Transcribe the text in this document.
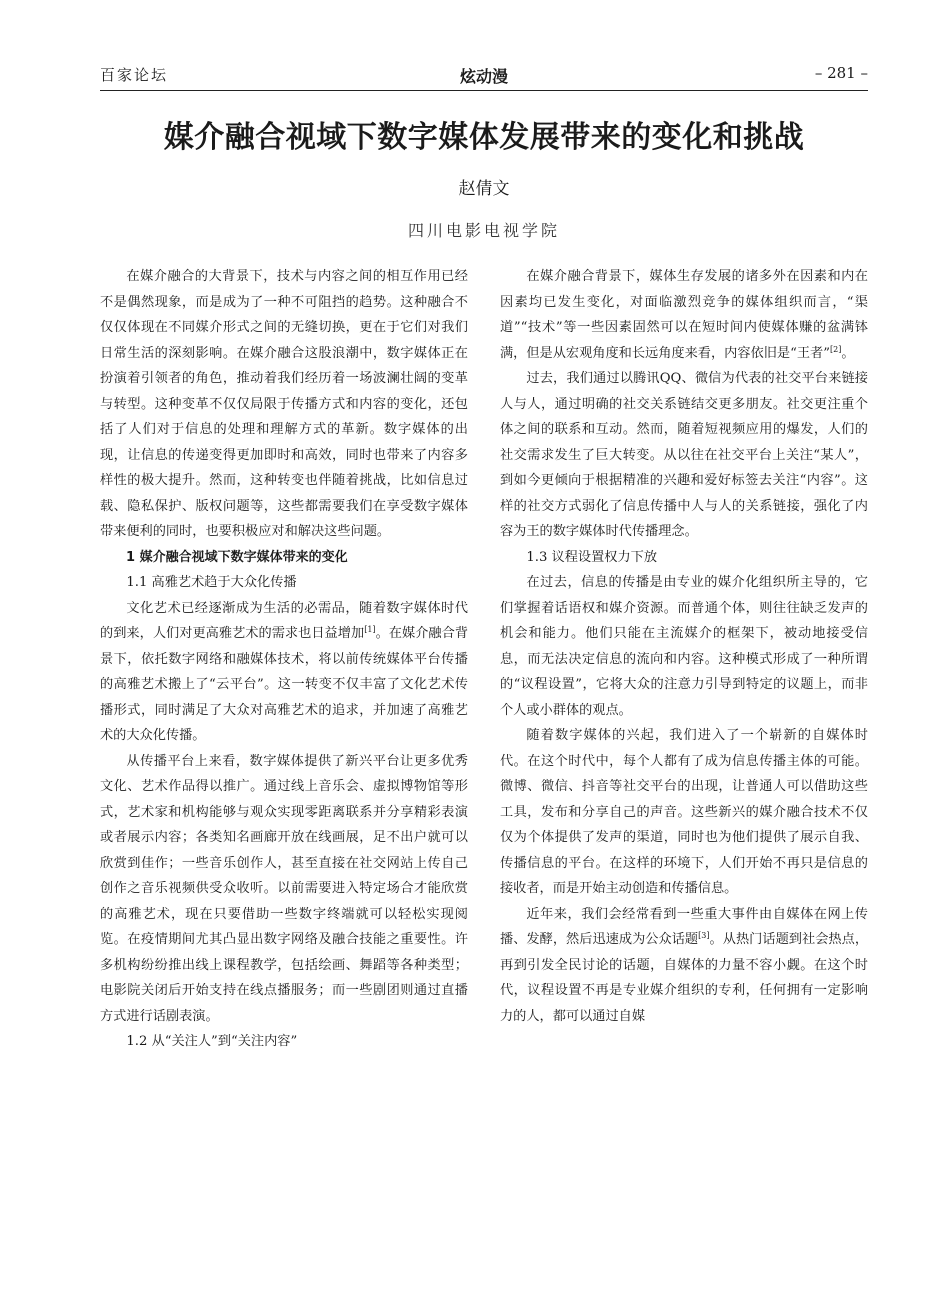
百家论坛	炫动漫	– 281 –
媒介融合视域下数字媒体发展带来的变化和挑战
赵倩文
四川电影电视学院

在媒介融合的大背景下，技术与内容之间的相互作用已经不是偶然现象，而是成为了一种不可阻挡的趋势。这种融合不仅仅体现在不同媒介形式之间的无缝切换，更在于它们对我们日常生活的深刻影响。在媒介融合这股浪潮中，数字媒体正在扮演着引领者的角色，推动着我们经历着一场波澜壮阔的变革与转型。这种变革不仅仅局限于传播方式和内容的变化，还包括了人们对于信息的处理和理解方式的革新。数字媒体的出现，让信息的传递变得更加即时和高效，同时也带来了内容多样性的极大提升。然而，这种转变也伴随着挑战，比如信息过载、隐私保护、版权问题等，这些都需要我们在享受数字媒体带来便利的同时，也要积极应对和解决这些问题。

1 媒介融合视域下数字媒体带来的变化

1.1 高雅艺术趋于大众化传播

文化艺术已经逐渐成为生活的必需品，随着数字媒体时代的到来，人们对更高雅艺术的需求也日益增加[1]。在媒介融合背景下，依托数字网络和融媒体技术，将以前传统媒体平台传播的高雅艺术搬上了“云平台”。这一转变不仅丰富了文化艺术传播形式，同时满足了大众对高雅艺术的追求，并加速了高雅艺术的大众化传播。

从传播平台上来看，数字媒体提供了新兴平台让更多优秀文化、艺术作品得以推广。通过线上音乐会、虚拟博物馆等形式，艺术家和机构能够与观众实现零距离联系并分享精彩表演或者展示内容；各类知名画廊开放在线画展，足不出户就可以欣赏到佳作；一些音乐创作人，甚至直接在社交网站上传自己创作之音乐视频供受众收听。以前需要进入特定场合才能欣赏的高雅艺术，现在只要借助一些数字终端就可以轻松实现阅览。在疫情期间尤其凸显出数字网络及融合技能之重要性。许多机构纷纷推出线上课程教学，包括绘画、舞蹈等各种类型；电影院关闭后开始支持在线点播服务；而一些剧团则通过直播方式进行话剧表演。

1.2 从“关注人”到“关注内容”

在媒介融合背景下，媒体生存发展的诸多外在因素和内在因素均已发生变化，对面临激烈竞争的媒体组织而言，“渠道”“技术”等一些因素固然可以在短时间内使媒体赚的盆满钵满，但是从宏观角度和长远角度来看，内容依旧是“王者”[2]。

过去，我们通过以腾讯QQ、微信为代表的社交平台来链接人与人，通过明确的社交关系链结交更多朋友。社交更注重个体之间的联系和互动。然而，随着短视频应用的爆发，人们的社交需求发生了巨大转变。从以往在社交平台上关注“某人”，到如今更倾向于根据精准的兴趣和爱好标签去关注“内容”。这样的社交方式弱化了信息传播中人与人的关系链接，强化了内容为王的数字媒体时代传播理念。

1.3 议程设置权力下放

在过去，信息的传播是由专业的媒介化组织所主导的，它们掌握着话语权和媒介资源。而普通个体，则往往缺乏发声的机会和能力。他们只能在主流媒介的框架下，被动地接受信息，而无法决定信息的流向和内容。这种模式形成了一种所谓的“议程设置”，它将大众的注意力引导到特定的议题上，而非个人或小群体的观点。

随着数字媒体的兴起，我们进入了一个崭新的自媒体时代。在这个时代中，每个人都有了成为信息传播主体的可能。微博、微信、抖音等社交平台的出现，让普通人可以借助这些工具，发布和分享自己的声音。这些新兴的媒介融合技术不仅仅为个体提供了发声的渠道，同时也为他们提供了展示自我、传播信息的平台。在这样的环境下，人们开始不再只是信息的接收者，而是开始主动创造和传播信息。

近年来，我们会经常看到一些重大事件由自媒体在网上传播、发酵，然后迅速成为公众话题[3]。从热门话题到社会热点，再到引发全民讨论的话题，自媒体的力量不容小觑。在这个时代，议程设置不再是专业媒介组织的专利，任何拥有一定影响力的人，都可以通过自媒
